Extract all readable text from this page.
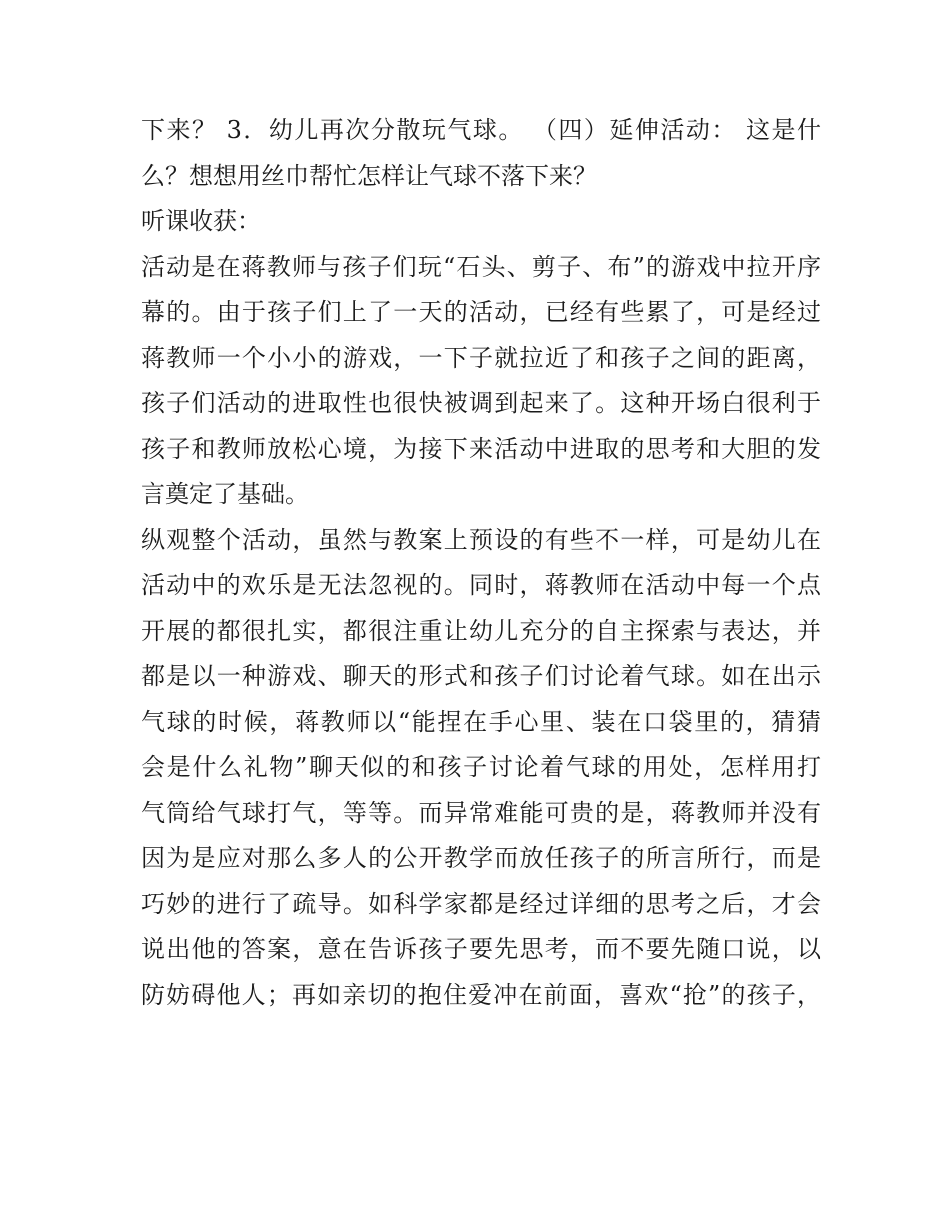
下来？ 3．幼儿再次分散玩气球。 （四）延伸活动： 这是什
么？想想用丝巾帮忙怎样让气球不落下来？
听课收获：
活动是在蒋教师与孩子们玩“石头、剪子、布”的游戏中拉开序
幕的。由于孩子们上了一天的活动，已经有些累了，可是经过
蒋教师一个小小的游戏，一下子就拉近了和孩子之间的距离，
孩子们活动的进取性也很快被调到起来了。这种开场白很利于
孩子和教师放松心境，为接下来活动中进取的思考和大胆的发
言奠定了基础。
纵观整个活动，虽然与教案上预设的有些不一样，可是幼儿在
活动中的欢乐是无法忽视的。同时，蒋教师在活动中每一个点
开展的都很扎实，都很注重让幼儿充分的自主探索与表达，并
都是以一种游戏、聊天的形式和孩子们讨论着气球。如在出示
气球的时候，蒋教师以“能捏在手心里、装在口袋里的，猜猜
会是什么礼物”聊天似的和孩子讨论着气球的用处，怎样用打
气筒给气球打气，等等。而异常难能可贵的是，蒋教师并没有
因为是应对那么多人的公开教学而放任孩子的所言所行，而是
巧妙的进行了疏导。如科学家都是经过详细的思考之后，才会
说出他的答案，意在告诉孩子要先思考，而不要先随口说，以
防妨碍他人；再如亲切的抱住爱冲在前面，喜欢“抢”的孩子，
